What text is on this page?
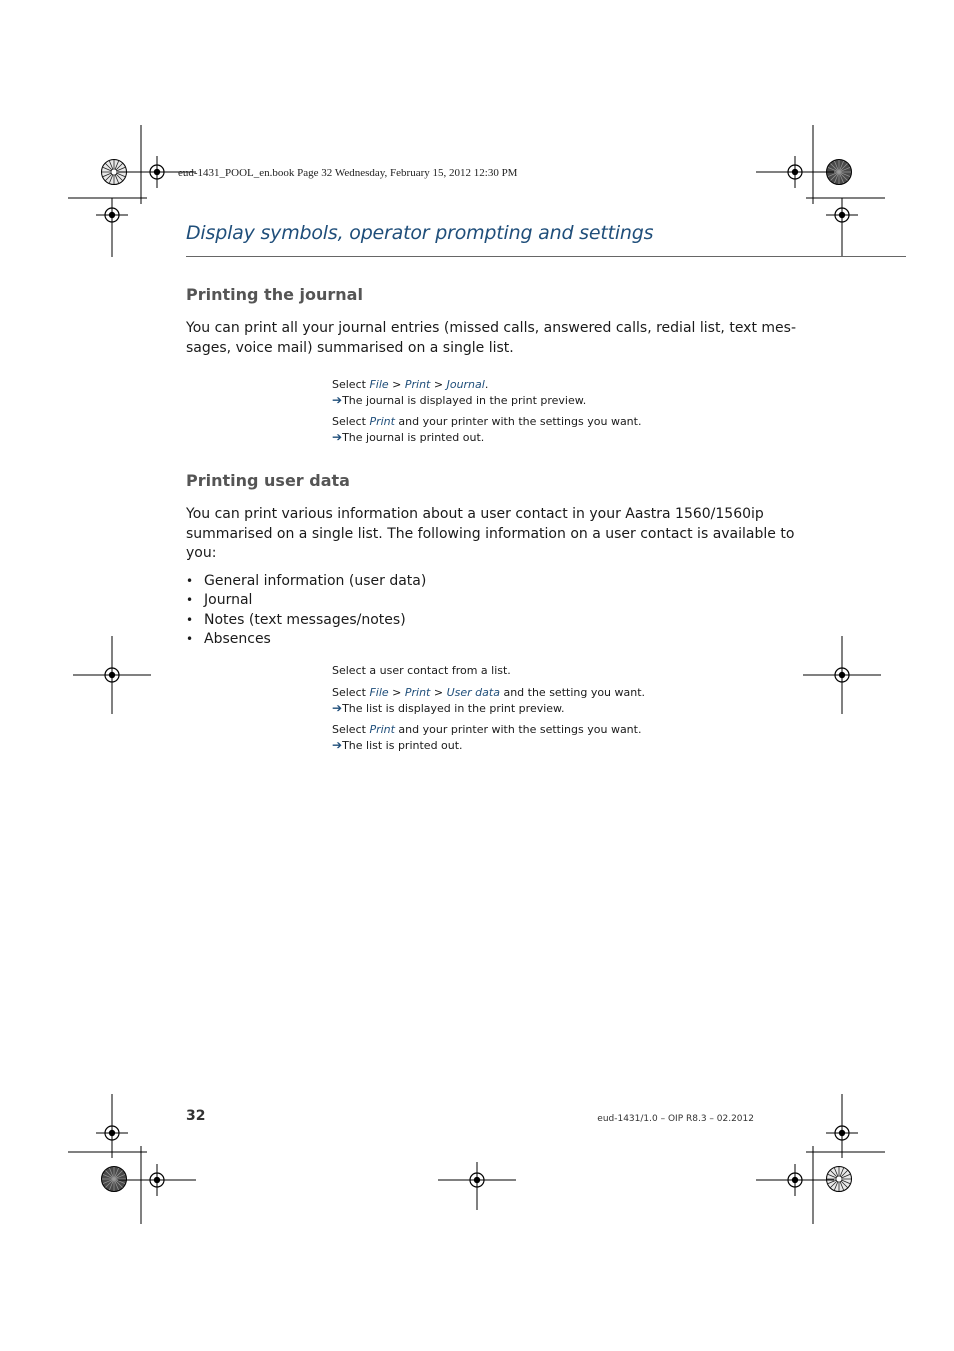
eud-1431_POOL_en.book Page 32 Wednesday, February 15, 2012 12:30 PM
Display symbols, operator prompting and settings
Printing the journal

You can print all your journal entries (missed calls, answered calls, redial list, text mes-
sages, voice mail) summarised on a single list.

Select File > Print > Journal.
➔The journal is displayed in the print preview.
Select Print and your printer with the settings you want.
➔The journal is printed out.
Printing user data

You can print various information about a user contact in your Aastra 1560/1560ip
summarised on a single list. The following information on a user contact is available to
you:

• General information (user data)
• Journal
• Notes (text messages/notes)
• Absences
Select a user contact from a list.
Select File > Print > User data and the setting you want.
➔The list is displayed in the print preview.
Select Print and your printer with the settings you want.
➔The list is printed out.
32	eud-1431/1.0 – OIP R8.3 – 02.2012
